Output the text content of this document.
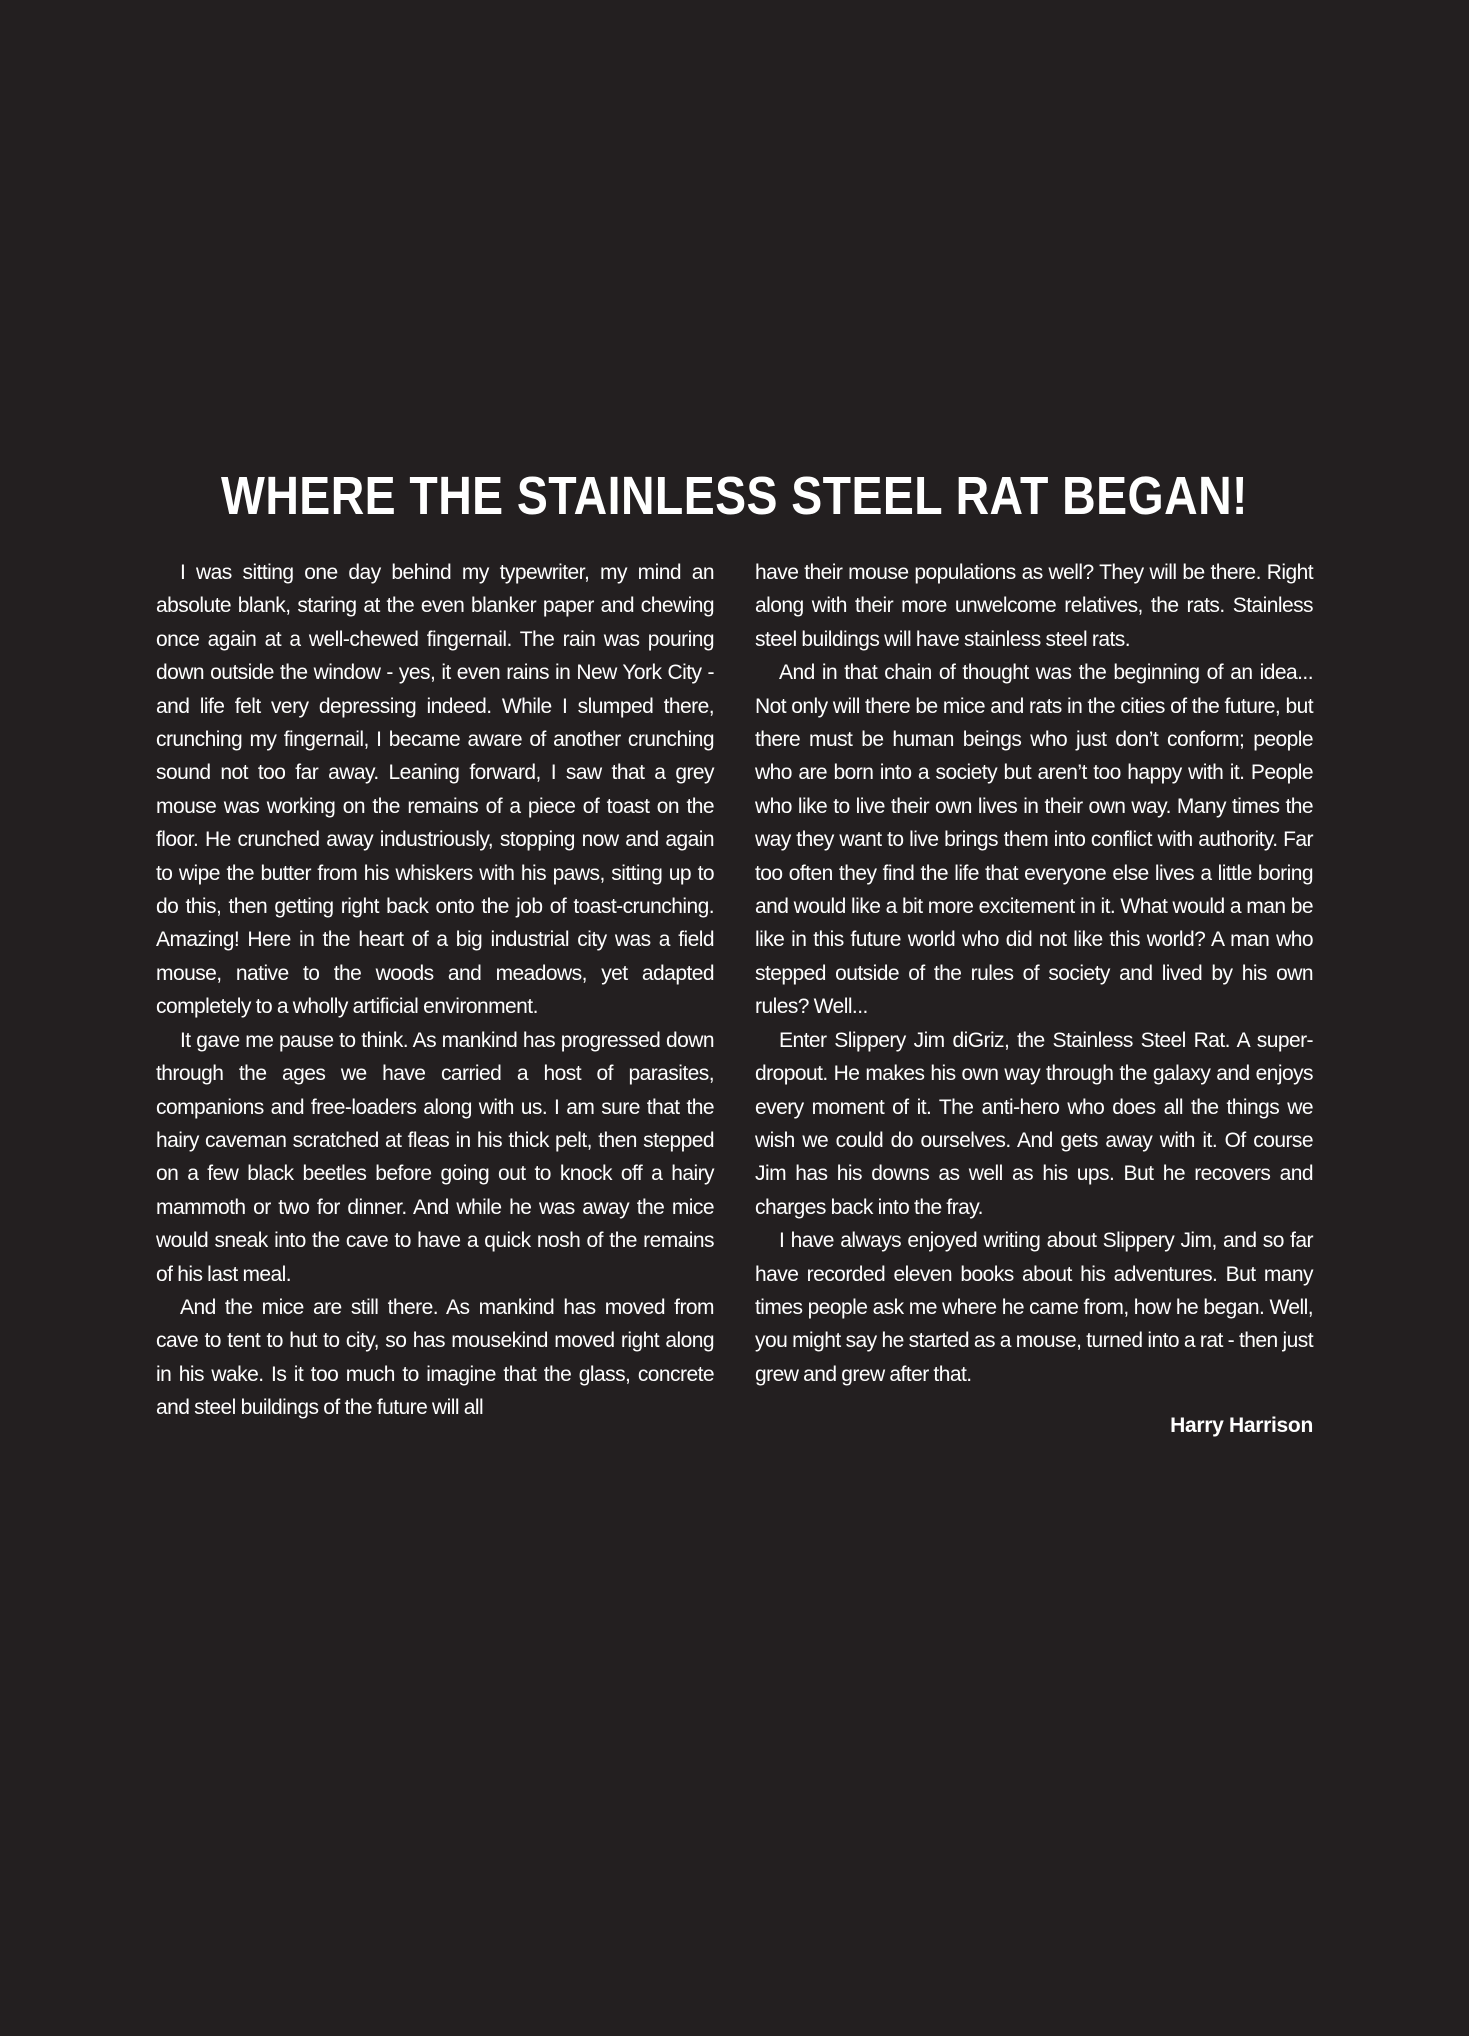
WHERE THE STAINLESS STEEL RAT BEGAN!

I was sitting one day behind my typewriter, my mind an absolute blank, staring at the even blanker paper and chewing once again at a well-chewed fingernail. The rain was pouring down outside the window - yes, it even rains in New York City - and life felt very depressing indeed. While I slumped there, crunching my fingernail, I became aware of another crunching sound not too far away. Leaning forward, I saw that a grey mouse was working on the remains of a piece of toast on the floor. He crunched away industriously, stopping now and again to wipe the butter from his whiskers with his paws, sitting up to do this, then getting right back onto the job of toast-crunching. Amazing! Here in the heart of a big industrial city was a field mouse, native to the woods and meadows, yet adapted completely to a wholly artificial environment.

It gave me pause to think. As mankind has progressed down through the ages we have carried a host of parasites, companions and free-loaders along with us. I am sure that the hairy caveman scratched at fleas in his thick pelt, then stepped on a few black beetles before going out to knock off a hairy mammoth or two for dinner. And while he was away the mice would sneak into the cave to have a quick nosh of the remains of his last meal.

And the mice are still there. As mankind has moved from cave to tent to hut to city, so has mousekind moved right along in his wake. Is it too much to imagine that the glass, concrete and steel buildings of the future will all

have their mouse populations as well? They will be there. Right along with their more unwelcome relatives, the rats. Stainless steel buildings will have stainless steel rats.

And in that chain of thought was the beginning of an idea... Not only will there be mice and rats in the cities of the future, but there must be human beings who just don’t conform; people who are born into a society but aren’t too happy with it. People who like to live their own lives in their own way. Many times the way they want to live brings them into conflict with authority. Far too often they find the life that everyone else lives a little boring and would like a bit more excitement in it. What would a man be like in this future world who did not like this world? A man who stepped outside of the rules of society and lived by his own rules? Well...

Enter Slippery Jim diGriz, the Stainless Steel Rat. A super-dropout. He makes his own way through the galaxy and enjoys every moment of it. The anti-hero who does all the things we wish we could do ourselves. And gets away with it. Of course Jim has his downs as well as his ups. But he recovers and charges back into the fray.

I have always enjoyed writing about Slippery Jim, and so far have recorded eleven books about his adventures. But many times people ask me where he came from, how he began. Well, you might say he started as a mouse, turned into a rat - then just grew and grew after that.

Harry Harrison
